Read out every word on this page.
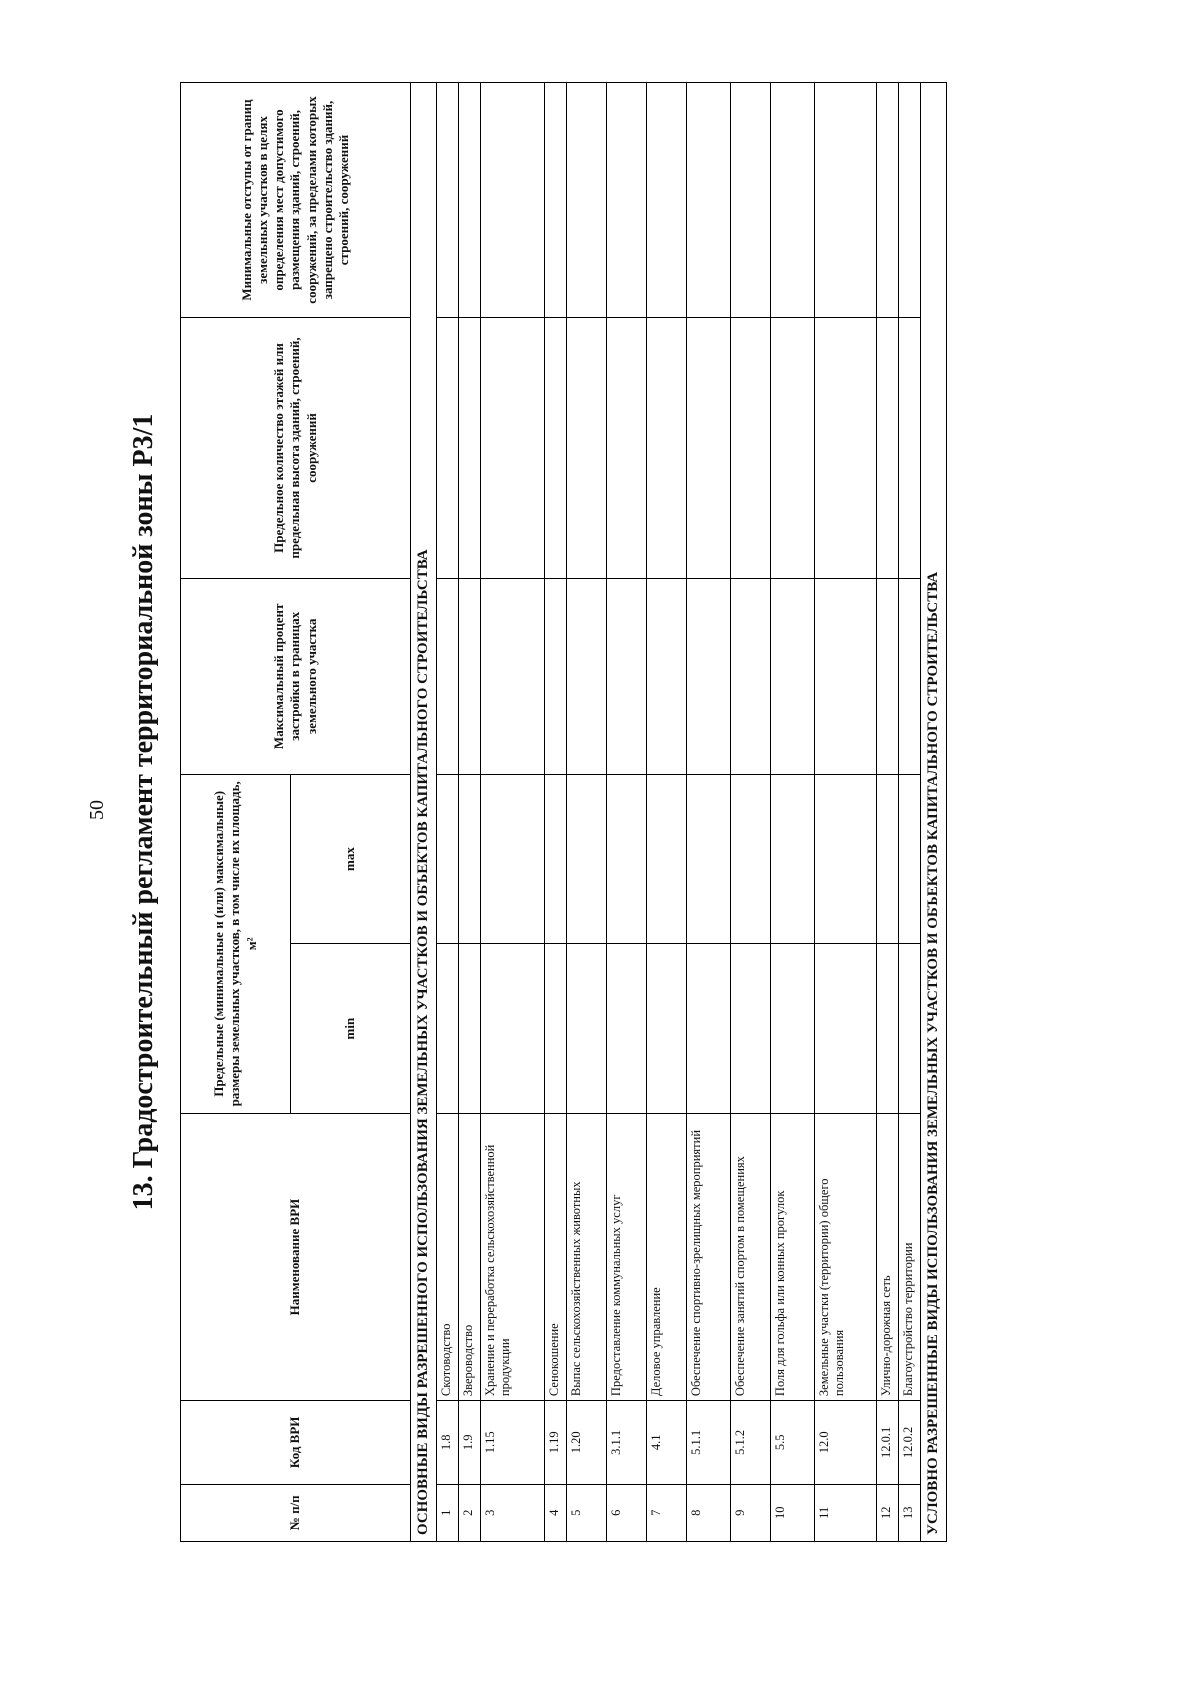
50 13. Градостроительный регламент территориальной зоны Р3/1
№ п/п	Код ВРИ	Наименование ВРИ	Предельные (минимальные и (или) максимальные) размеры земельных участков, в том числе их площадь, м²		Максимальный процент застройки в границах земельного участка	Предельное количество этажей или предельная высота зданий, строений, сооружений	Минимальные отступы от границ земельных участков в целях определения мест допустимого размещения зданий, строений, сооружений, за пределами которых запрещено строительство зданий, строений, сооружений
			min	max			
ОСНОВНЫЕ ВИДЫ РАЗРЕШЕННОГО ИСПОЛЬЗОВАНИЯ ЗЕМЕЛЬНЫХ УЧАСТКОВ И ОБЪЕКТОВ КАПИТАЛЬНОГО СТРОИТЕЛЬСТВА							
1	1.8	Скотоводство					
2	1.9	Звероводство					
3	1.15	Хранение и переработка сельскохозяйственной продукции					
4	1.19	Сенокошение					
5	1.20	Выпас сельскохозяйственных животных					
6	3.1.1	Предоставление коммунальных услуг					
7	4.1	Деловое управление					
8	5.1.1	Обеспечение спортивно-зрелищных мероприятий					
9	5.1.2	Обеспечение занятий спортом в помещениях					
10	5.5	Поля для гольфа или конных прогулок					
11	12.0	Земельные участки (территории) общего пользования					
12	12.0.1	Улично-дорожная сеть					
13	12.0.2	Благоустройство территории					
УСЛОВНО РАЗРЕШЕННЫЕ ВИДЫ ИСПОЛЬЗОВАНИЯ ЗЕМЕЛЬНЫХ УЧАСТКОВ И ОБЪЕКТОВ КАПИТАЛЬНОГО СТРОИТЕЛЬСТВА							
